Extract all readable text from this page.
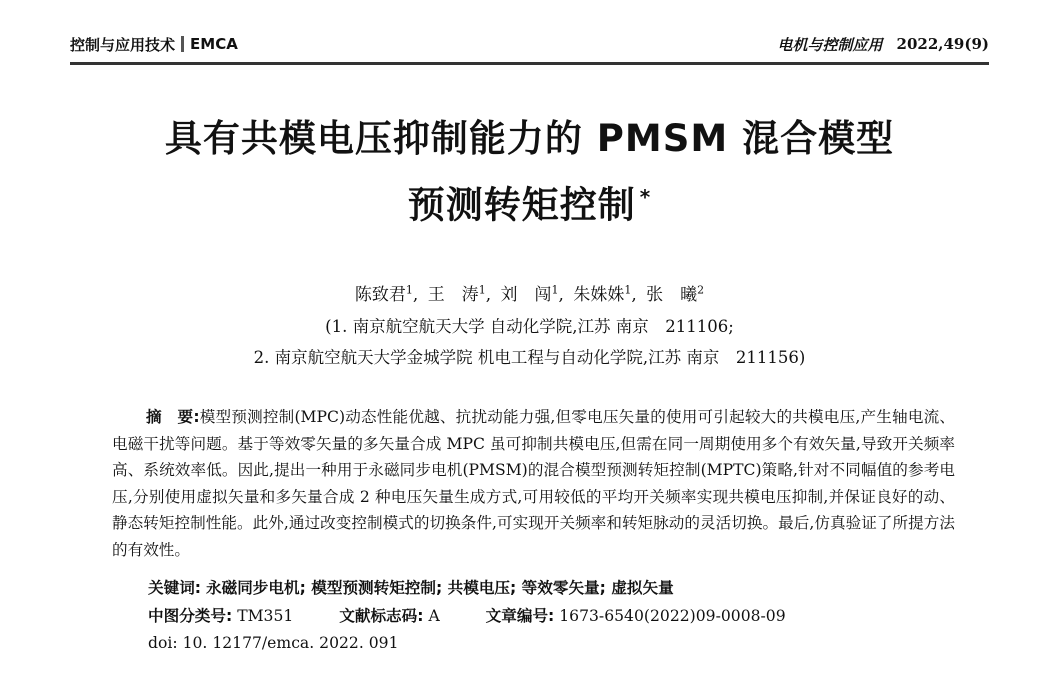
控制与应用技术 EMCA	电机与控制应用 2022,49(9)
具有共模电压抑制能力的 PMSM 混合模型
预测转矩控制 *
陈致君$^1$, 王　涛$^1$, 刘　闯$^1$, 朱姝姝$^1$, 张　曦$^2$
(1. 南京航空航天大学 自动化学院,江苏 南京　211106;
2. 南京航空航天大学金城学院 机电工程与自动化学院,江苏 南京　211156)
摘　要:模型预测控制(MPC)动态性能优越、抗扰动能力强,但零电压矢量的使用可引起较大的共模电压,产生轴电流、电磁干扰等问题。基于等效零矢量的多矢量合成 MPC 虽可抑制共模电压,但需在同一周期使用多个有效矢量,导致开关频率高、系统效率低。因此,提出一种用于永磁同步电机(PMSM)的混合模型预测转矩控制(MPTC)策略,针对不同幅值的参考电压,分别使用虚拟矢量和多矢量合成 2 种电压矢量生成方式,可用较低的平均开关频率实现共模电压抑制,并保证良好的动、静态转矩控制性能。此外,通过改变控制模式的切换条件,可实现开关频率和转矩脉动的灵活切换。最后,仿真验证了所提方法的有效性。
关键词: 永磁同步电机; 模型预测转矩控制; 共模电压; 等效零矢量; 虚拟矢量
中图分类号: TM351	文献标志码: A	文章编号: 1673-6540(2022)09-0008-09
doi: 10. 12177/emca. 2022. 091
